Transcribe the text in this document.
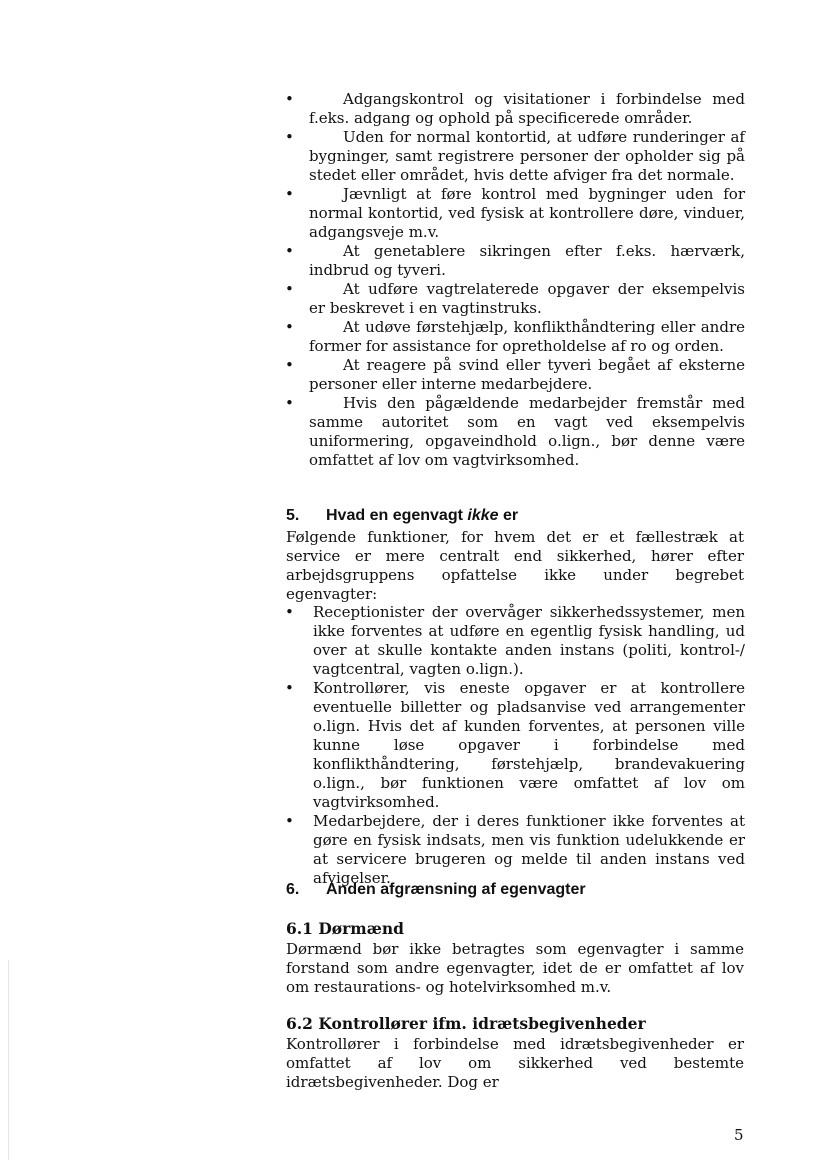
•	Adgangskontrol og visitationer i forbindelse med f.eks. adgang og ophold på specificerede områder.
•	Uden for normal kontortid, at udføre runderinger af bygninger, samt registrere personer der opholder sig på stedet eller området, hvis dette afviger fra det normale.
•	Jævnligt at føre kontrol med bygninger uden for normal kontortid, ved fysisk at kontrollere døre, vinduer, adgangsveje m.v.
•	At genetablere sikringen efter f.eks. hærværk, indbrud og tyveri.
•	At udføre vagtrelaterede opgaver der eksempelvis er beskrevet i en vagtinstruks.
•	At udøve førstehjælp, konflikthåndtering eller andre former for assistance for opretholdelse af ro og orden.
•	At reagere på svind eller tyveri begået af eksterne personer eller interne medarbejdere.
•	Hvis den pågældende medarbejder fremstår med samme autoritet som en vagt ved eksempelvis uniformering, opgaveindhold o.lign., bør denne være omfattet af lov om vagtvirksomhed.
5. Hvad en egenvagt ikke er
Følgende funktioner, for hvem det er et fællestræk at service er mere centralt end sikkerhed, hører efter arbejdsgruppens opfattelse ikke under begrebet egenvagter:
• Receptionister der overvåger sikkerhedssystemer, men ikke forventes at udføre en egentlig fysisk handling, ud over at skulle kontakte anden instans (politi, kontrol-/ vagtcentral, vagten o.lign.).
• Kontrollører, vis eneste opgaver er at kontrollere eventuelle billetter og pladsanvise ved arrangementer o.lign. Hvis det af kunden forventes, at personen ville kunne løse opgaver i forbindelse med konflikthåndtering, førstehjælp, brandevakuering o.lign., bør funktionen være omfattet af lov om vagtvirksomhed.
• Medarbejdere, der i deres funktioner ikke forventes at gøre en fysisk indsats, men vis funktion udelukkende er at servicere brugeren og melde til anden instans ved afvigelser.
6. Anden afgrænsning af egenvagter
6.1 Dørmænd
Dørmænd bør ikke betragtes som egenvagter i samme forstand som andre egenvagter, idet de er omfattet af lov om restaurations- og hotelvirksomhed m.v.
6.2 Kontrollører ifm. idrætsbegivenheder
Kontrollører i forbindelse med idrætsbegivenheder er omfattet af lov om sikkerhed ved bestemte idrætsbegivenheder. Dog er
5
